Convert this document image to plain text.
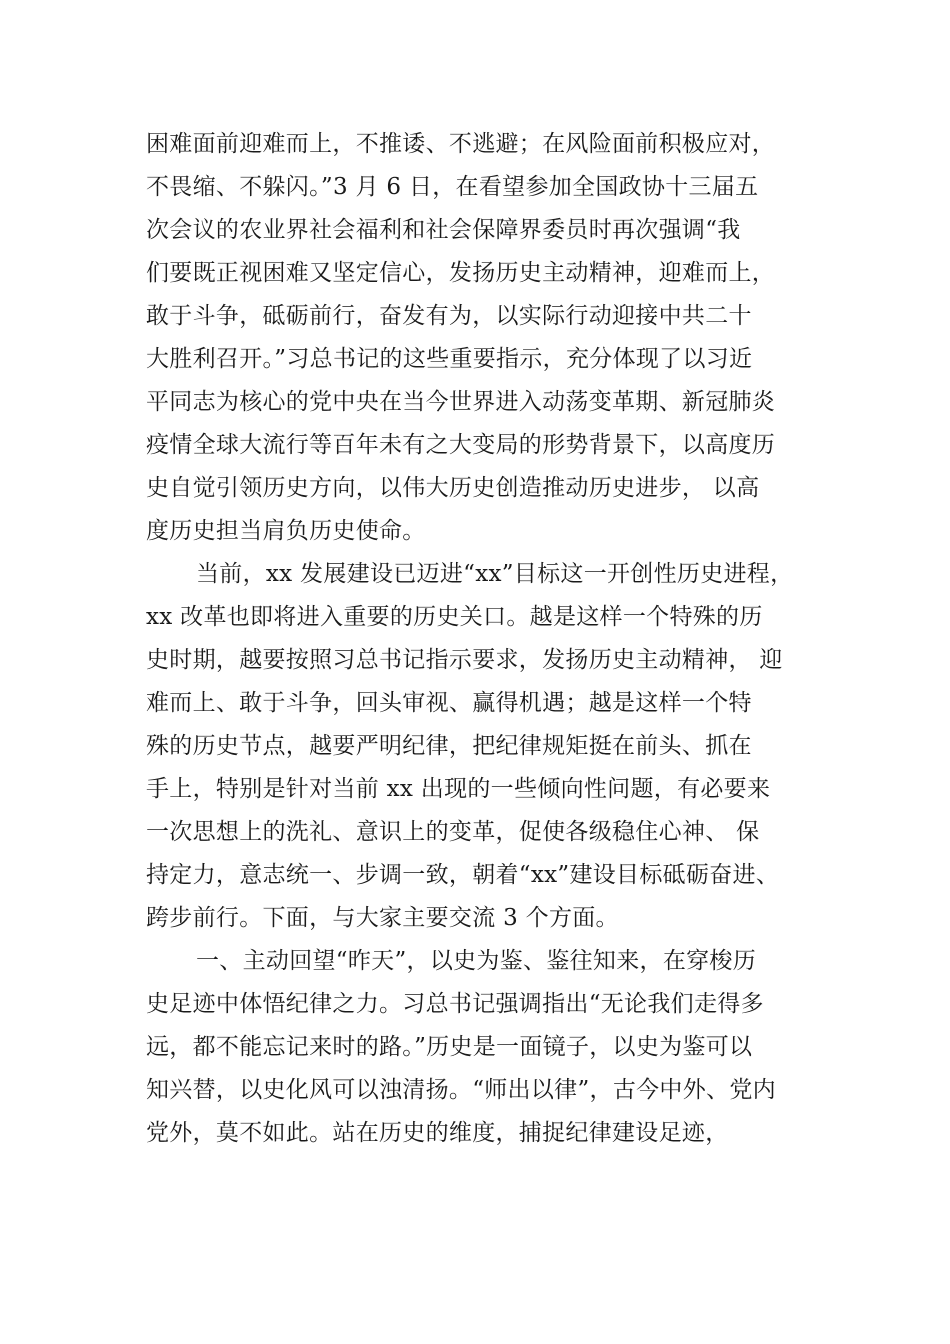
困难面前迎难而上，不推诿、不逃避；在风险面前积极应对，
不畏缩、不躲闪。”3 月 6 日，在看望参加全国政协十三届五
次会议的农业界社会福利和社会保障界委员时再次强调“我
们要既正视困难又坚定信心，发扬历史主动精神，迎难而上，
敢于斗争，砥砺前行，奋发有为，以实际行动迎接中共二十
大胜利召开。”习总书记的这些重要指示，充分体现了以习近
平同志为核心的党中央在当今世界进入动荡变革期、新冠肺炎
疫情全球大流行等百年未有之大变局的形势背景下，以高度历
史自觉引领历史方向，以伟大历史创造推动历史进步， 以高
度历史担当肩负历史使命。
当前，xx 发展建设已迈进“xx”目标这一开创性历史进程，
xx 改革也即将进入重要的历史关口。越是这样一个特殊的历
史时期，越要按照习总书记指示要求，发扬历史主动精神， 迎
难而上、敢于斗争，回头审视、赢得机遇；越是这样一个特
殊的历史节点，越要严明纪律，把纪律规矩挺在前头、抓在
手上，特别是针对当前 xx 出现的一些倾向性问题，有必要来
一次思想上的洗礼、意识上的变革，促使各级稳住心神、 保
持定力，意志统一、步调一致，朝着“xx”建设目标砥砺奋进、
跨步前行。下面，与大家主要交流 3 个方面。
一、主动回望“昨天”，以史为鉴、鉴往知来，在穿梭历
史足迹中体悟纪律之力。习总书记强调指出“无论我们走得多
远，都不能忘记来时的路。”历史是一面镜子，以史为鉴可以
知兴替，以史化风可以浊清扬。“师出以律”，古今中外、党内
党外，莫不如此。站在历史的维度，捕捉纪律建设足迹，
